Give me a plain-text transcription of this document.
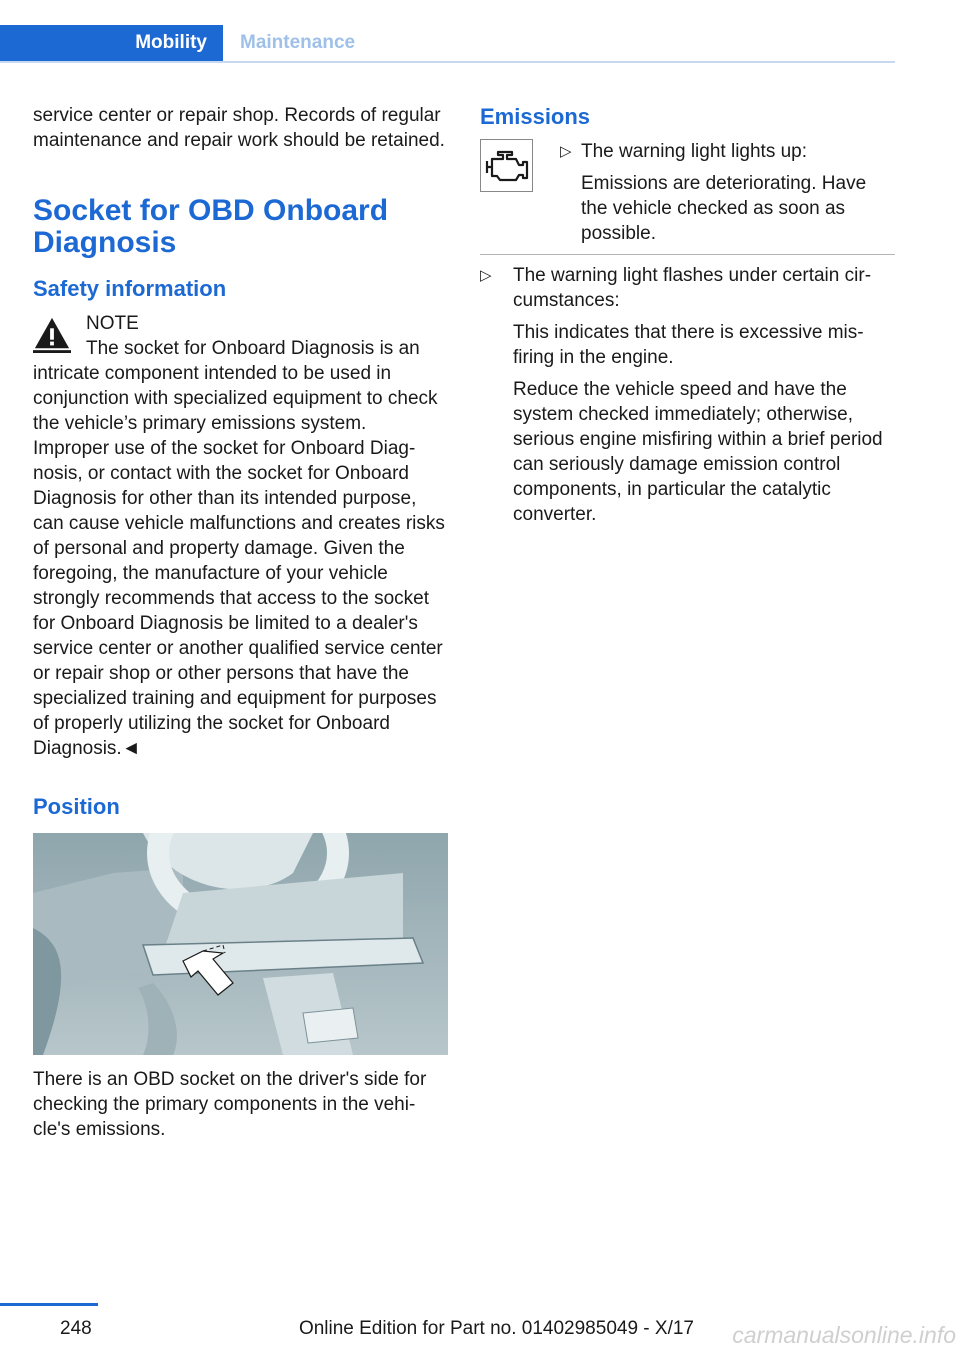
Mobility	Maintenance

service center or repair shop. Records of regular maintenance and repair work should be retained.

Socket for OBD Onboard Diagnosis
Safety information
NOTE
The socket for Onboard Diagnosis is an intricate component intended to be used in conjunction with specialized equipment to check the vehicle’s primary emissions system. Improper use of the socket for Onboard Diagnosis, or contact with the socket for Onboard Diagnosis for other than its intended purpose, can cause vehicle malfunctions and creates risks of personal and property damage. Given the foregoing, the manufacture of your vehicle strongly recommends that access to the socket for Onboard Diagnosis be limited to a dealer's service center or another qualified service center or repair shop or other persons that have the specialized training and equipment for purposes of properly utilizing the socket for Onboard Diagnosis.◄
Position

There is an OBD socket on the driver's side for checking the primary components in the vehicle's emissions.

Emissions
▷ The warning light lights up:

Emissions are deteriorating. Have the vehicle checked as soon as possible.

▷ The warning light flashes under certain circumstances:

This indicates that there is excessive misfiring in the engine.

Reduce the vehicle speed and have the system checked immediately; otherwise, serious engine misfiring within a brief period can seriously damage emission control components, in particular the catalytic converter.

248	Online Edition for Part no. 01402985049 - X/17 carmanualsonline.info
